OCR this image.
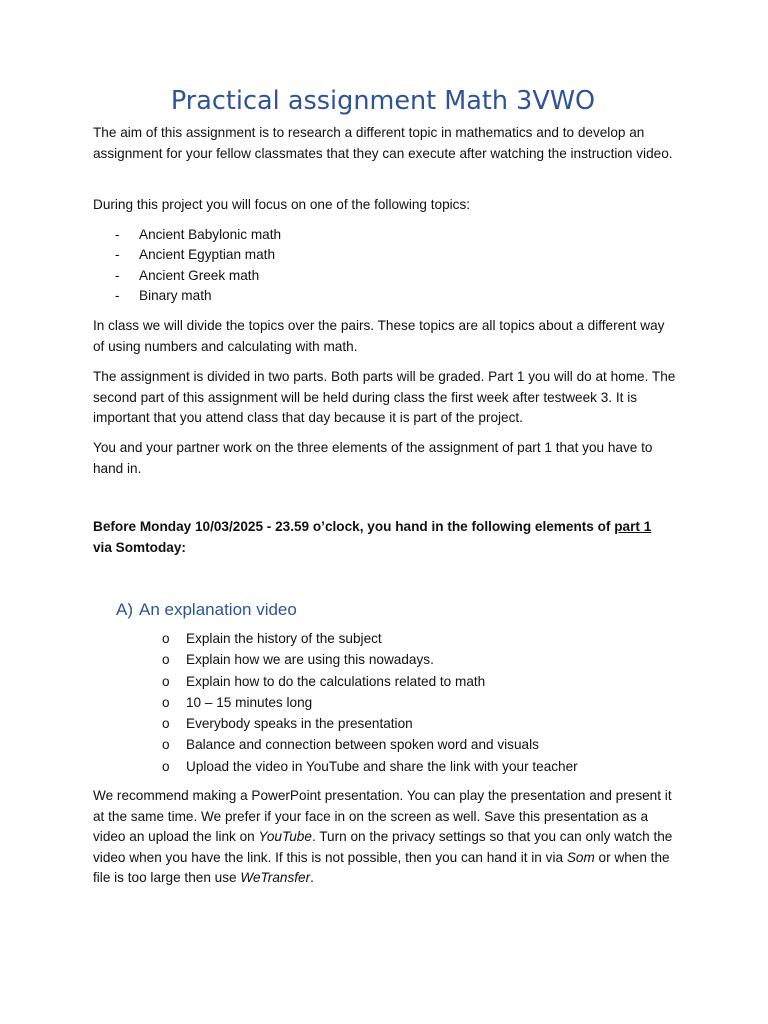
Practical assignment Math 3VWO

The aim of this assignment is to research a different topic in mathematics and to develop an assignment for your fellow classmates that they can execute after watching the instruction video.

During this project you will focus on one of the following topics:

- Ancient Babylonic math
- Ancient Egyptian math
- Ancient Greek math
- Binary math

In class we will divide the topics over the pairs. These topics are all topics about a different way of using numbers and calculating with math.

The assignment is divided in two parts. Both parts will be graded. Part 1 you will do at home. The second part of this assignment will be held during class the first week after testweek 3. It is important that you attend class that day because it is part of the project.

You and your partner work on the three elements of the assignment of part 1 that you have to hand in.

Before Monday 10/03/2025 - 23.59 o’clock, you hand in the following elements of part 1 via Somtoday:

A) An explanation video
o Explain the history of the subject
o Explain how we are using this nowadays.
o Explain how to do the calculations related to math
o 10 – 15 minutes long
o Everybody speaks in the presentation
o Balance and connection between spoken word and visuals
o Upload the video in YouTube and share the link with your teacher

We recommend making a PowerPoint presentation. You can play the presentation and present it at the same time. We prefer if your face in on the screen as well. Save this presentation as a video an upload the link on YouTube. Turn on the privacy settings so that you can only watch the video when you have the link. If this is not possible, then you can hand it in via Som or when the file is too large then use WeTransfer.
